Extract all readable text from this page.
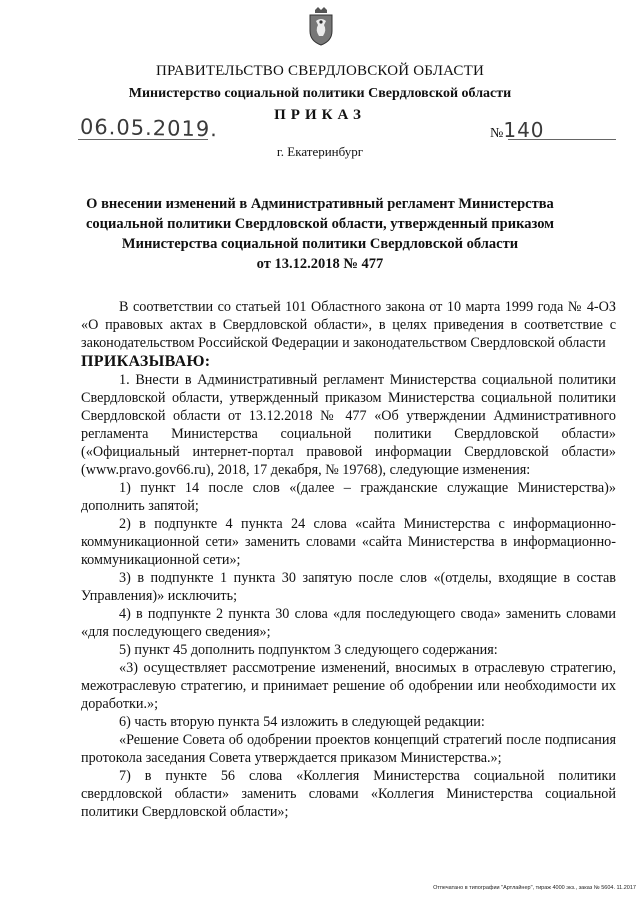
ПРАВИТЕЛЬСТВО СВЕРДЛОВСКОЙ ОБЛАСТИ
Министерство социальной политики Свердловской области
ПРИКАЗ
06.05.2019.	№140
г. Екатеринбург
О внесении изменений в Административный регламент Министерства
социальной политики Свердловской области, утвержденный приказом
Министерства социальной политики Свердловской области
от 13.12.2018 № 477

В соответствии со статьей 101 Областного закона от 10 марта 1999 года № 4-ОЗ «О правовых актах в Свердловской области», в целях приведения в соответствие с законодательством Российской Федерации и законодательством Свердловской области

ПРИКАЗЫВАЮ:

1. Внести в Административный регламент Министерства социальной политики Свердловской области, утвержденный приказом Министерства социальной политики Свердловской области от 13.12.2018 № 477 «Об утверждении Административного регламента Министерства социальной политики Свердловской области» («Официальный интернет-портал правовой информации Свердловской области» (www.pravo.gov66.ru), 2018, 17 декабря, № 19768), следующие изменения:

1) пункт 14 после слов «(далее – гражданские служащие Министерства)» дополнить запятой;

2) в подпункте 4 пункта 24 слова «сайта Министерства с информационно-коммуникационной сети» заменить словами «сайта Министерства в информационно-коммуникационной сети»;

3) в подпункте 1 пункта 30 запятую после слов «(отделы, входящие в состав Управления)» исключить;

4) в подпункте 2 пункта 30 слова «для последующего свода» заменить словами «для последующего сведения»;

5) пункт 45 дополнить подпунктом 3 следующего содержания:

«3) осуществляет рассмотрение изменений, вносимых в отраслевую стратегию, межотраслевую стратегию, и принимает решение об одобрении или необходимости их доработки.»;

6) часть вторую пункта 54 изложить в следующей редакции:

«Решение Совета об одобрении проектов концепций стратегий после подписания протокола заседания Совета утверждается приказом Министерства.»;

7) в пункте 56 слова «Коллегия Министерства социальной политики свердловской области» заменить словами «Коллегия Министерства социальной политики Свердловской области»;

Отпечатано в типографии "Артлайнер", тираж 4000 экз., заказ № 5604. 11.2017
